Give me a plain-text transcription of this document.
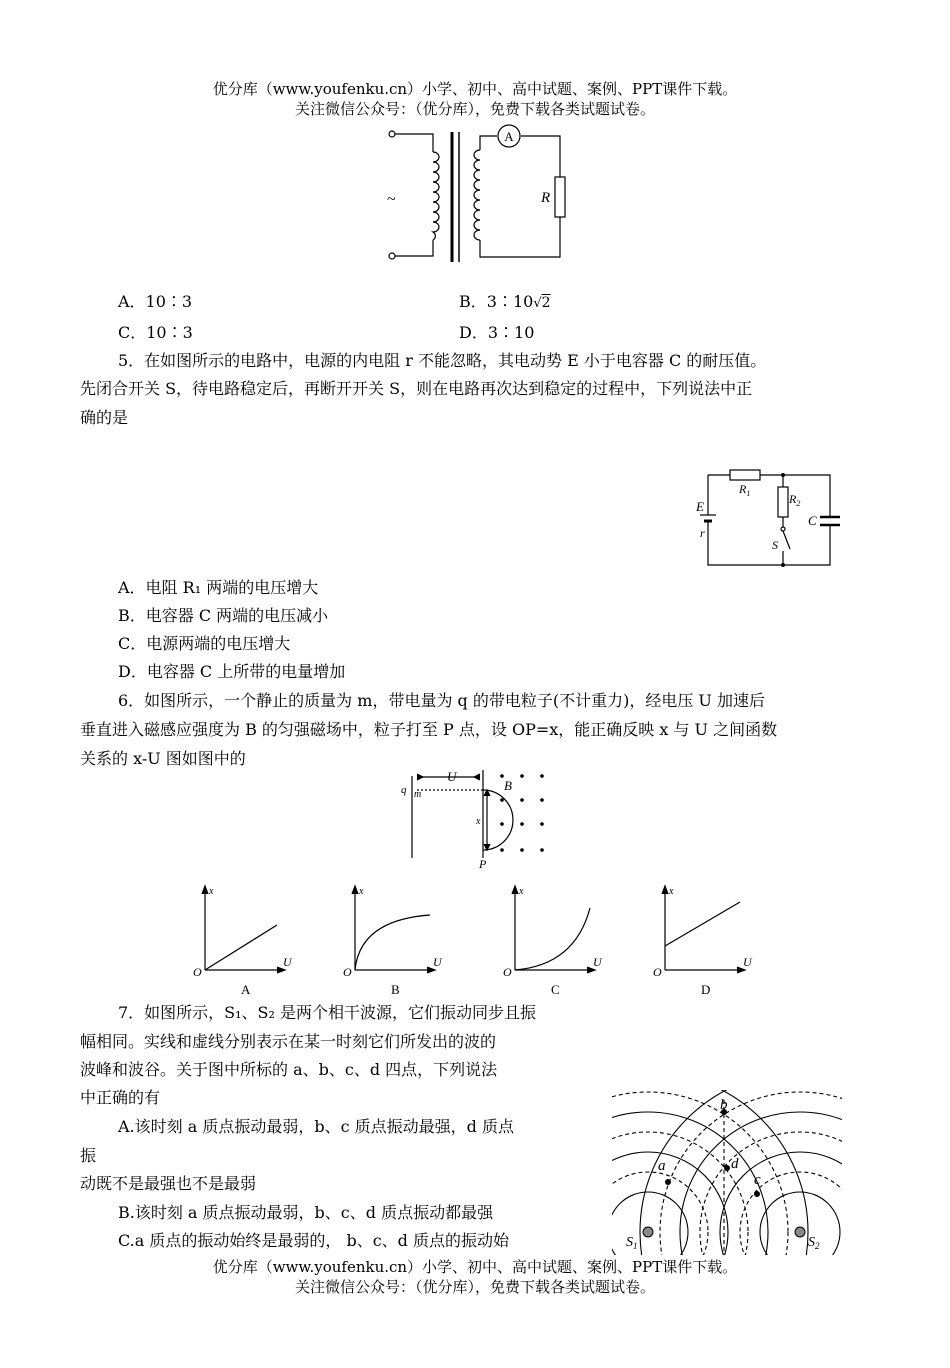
优分库（www.youfenku.cn）小学、初中、高中试题、案例、PPT课件下载。
关注微信公众号：（优分库），免费下载各类试题试卷。
A
~	R
A．10∶3	B．3∶10√2
C．10∶3	D．3∶10
5．在如图所示的电路中，电源的内电阻 r 不能忽略，其电动势 E 小于电容器 C 的耐压值。
先闭合开关 S，待电路稳定后，再断开开关 S，则在电路再次达到稳定的过程中，下列说法中正
确的是
$R_1$	$R_2$
E
r
C
S
A．电阻 R₁ 两端的电压增大
B．电容器 C 两端的电压减小
C．电源两端的电压增大
D．电容器 C 上所带的电量增加
6．如图所示，一个静止的质量为 m，带电量为 q 的带电粒子(不计重力)，经电压 U 加速后
垂直进入磁感应强度为 B 的匀强磁场中，粒子打至 P 点，设 OP=x，能正确反映 x 与 U 之间函数
关系的 x-U 图如图中的
U
B
q m
x
P
x
U
O
A
x
U
O
B
x
U
O
C
x
U
O
D
7．如图所示，S₁、S₂ 是两个相干波源，它们振动同步且振
幅相同。实线和虚线分别表示在某一时刻它们所发出的波的
波峰和波谷。关于图中所标的 a、b、c、d 四点，下列说法
中正确的有
A.该时刻 a 质点振动最弱，b、c 质点振动最强，d 质点
振
动既不是最强也不是最弱
B.该时刻 a 质点振动最弱，b、c、d 质点振动都最强
C.a 质点的振动始终是最弱的， b、c、d 质点的振动始
b
a	d
c
$S_1$	$S_2$
优分库（www.youfenku.cn）小学、初中、高中试题、案例、PPT课件下载。
关注微信公众号：（优分库），免费下载各类试题试卷。
